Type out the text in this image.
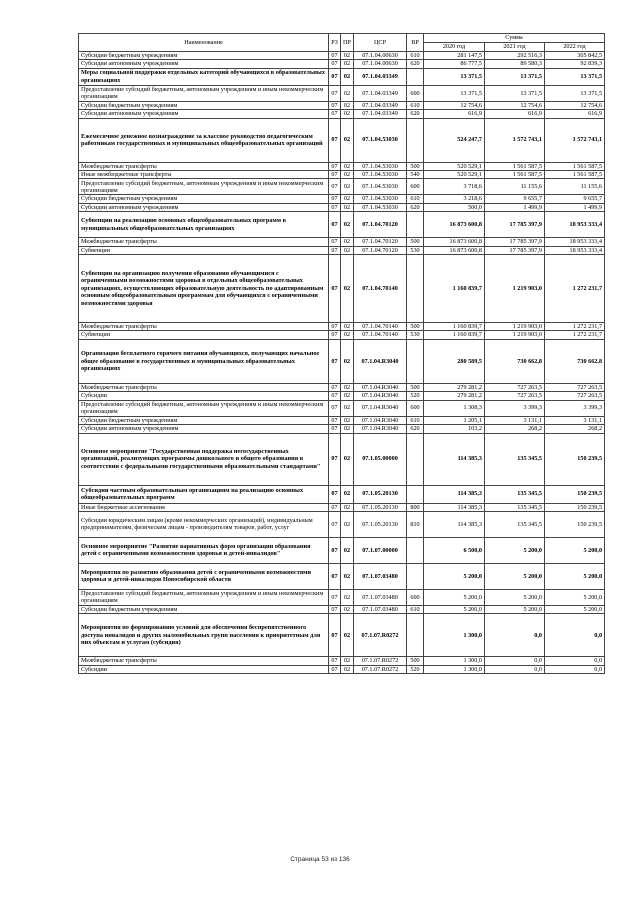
Наименование	РЗ	ПР	ЦСР	ВР	Сумма		
					2020 год	2021 год	2022 год
Субсидии бюджетным учреждениям	07	02	07.1.04.00630	610	281 147,5	292 516,3	305 842,5
Субсидии автономным учреждениям	07	02	07.1.04.00630	620	86 777,5	89 580,3	92 839,3
Меры социальной поддержки отдельных категорий обучающихся в образовательных организациях	07	02	07.1.04.03349		13 371,5	13 371,5	13 371,5
Предоставление субсидий бюджетным, автономным учреждениям и иным некоммерческим организациям	07	02	07.1.04.03349	600	13 371,5	13 371,5	13 371,5
Субсидии бюджетным учреждениям	07	02	07.1.04.03349	610	12 754,6	12 754,6	12 754,6
Субсидии автономным учреждениям	07	02	07.1.04.03349	620	616,9	616,9	616,9
Ежемесячное денежное вознаграждение за классное руководство педагогическим работникам государственных и муниципальных общеобразовательных организаций	07	02	07.1.04.53030		524 247,7	1 572 743,1	1 572 743,1
Межбюджетные трансферты	07	02	07.1.04.53030	500	520 529,1	1 561 587,5	1 561 587,5
Иные межбюджетные трансферты	07	02	07.1.04.53030	540	520 529,1	1 561 587,5	1 561 587,5
Предоставление субсидий бюджетным, автономным учреждениям и иным некоммерческим организациям	07	02	07.1.04.53030	600	3 718,6	11 155,6	11 155,6
Субсидии бюджетным учреждениям	07	02	07.1.04.53030	610	3 218,6	9 655,7	9 655,7
Субсидии автономным учреждениям	07	02	07.1.04.53030	620	500,0	1 499,9	1 499,9
Субвенции на реализацию основных общеобразовательных программ в муниципальных общеобразовательных организациях	07	02	07.1.04.70120		16 873 600,8	17 785 397,9	18 953 333,4
Межбюджетные трансферты	07	02	07.1.04.70120	500	16 873 600,8	17 785 397,9	18 953 333,4
Субвенции	07	02	07.1.04.70120	530	16 873 600,8	17 785 397,9	18 953 333,4
Субвенции на организацию получения образования обучающимися с ограниченными возможностями здоровья в отдельных общеобразовательных организациях, осуществляющих образовательную деятельность по адаптированным основным общеобразовательным программам для обучающихся с ограниченными возможностями здоровья	07	02	07.1.04.70140		1 160 839,7	1 219 903,0	1 272 231,7
Межбюджетные трансферты	07	02	07.1.04.70140	500	1 160 839,7	1 219 903,0	1 272 231,7
Субвенции	07	02	07.1.04.70140	530	1 160 839,7	1 219 903,0	1 272 231,7
Организация бесплатного горячего питания обучающихся, получающих начальное общее образование в государственных и муниципальных образовательных организациях	07	02	07.1.04.R3040		280 589,5	730 662,8	730 662,8
Межбюджетные трансферты	07	02	07.1.04.R3040	500	279 281,2	727 263,5	727 263,5
Субсидии	07	02	07.1.04.R3040	520	279 281,2	727 263,5	727 263,5
Предоставление субсидий бюджетным, автономным учреждениям и иным некоммерческим организациям	07	02	07.1.04.R3040	600	1 308,3	3 399,3	3 399,3
Субсидии бюджетным учреждениям	07	02	07.1.04.R3040	610	1 205,1	3 131,1	3 131,1
Субсидии автономным учреждениям	07	02	07.1.04.R3040	620	103,2	268,2	268,2
Основное мероприятие "Государственная поддержка негосударственных организаций, реализующих программы дошкольного и общего образования в соответствии с федеральными государственными образовательными стандартами"	07	02	07.1.05.00000		114 385,3	135 345,5	150 239,5
Субсидии частным образовательным организациям на реализацию основных общеобразовательных программ	07	02	07.1.05.20130		114 385,3	135 345,5	150 239,5
Иные бюджетные ассигнования	07	02	07.1.05.20130	800	114 385,3	135 345,5	150 239,5
Субсидии юридическим лицам (кроме некоммерческих организаций), индивидуальным предпринимателям, физическим лицам - производителям товаров, работ, услуг	07	02	07.1.05.20130	810	114 385,3	135 345,5	150 239,5
Основное мероприятие "Развитие вариативных форм организации образования детей с ограниченными возможностями здоровья и детей-инвалидов"	07	02	07.1.07.00000		6 500,0	5 200,0	5 200,0
Мероприятия по развитию образования детей с ограниченными возможностями здоровья и детей-инвалидов Новосибирской области	07	02	07.1.07.03480		5 200,0	5 200,0	5 200,0
Предоставление субсидий бюджетным, автономным учреждениям и иным некоммерческим организациям	07	02	07.1.07.03480	600	5 200,0	5 200,0	5 200,0
Субсидии бюджетным учреждениям	07	02	07.1.07.03480	610	5 200,0	5 200,0	5 200,0
Мероприятия по формированию условий для обеспечения беспрепятственного доступа инвалидов и других маломобильных групп населения к приоритетным для них объектам и услугам (субсидия)	07	02	07.1.07.R0272		1 300,0	0,0	0,0
Межбюджетные трансферты	07	02	07.1.07.R0272	500	1 300,0	0,0	0,0
Субсидии	07	02	07.1.07.R0272	520	1 300,0	0,0	0,0
Страница 53 из 136
